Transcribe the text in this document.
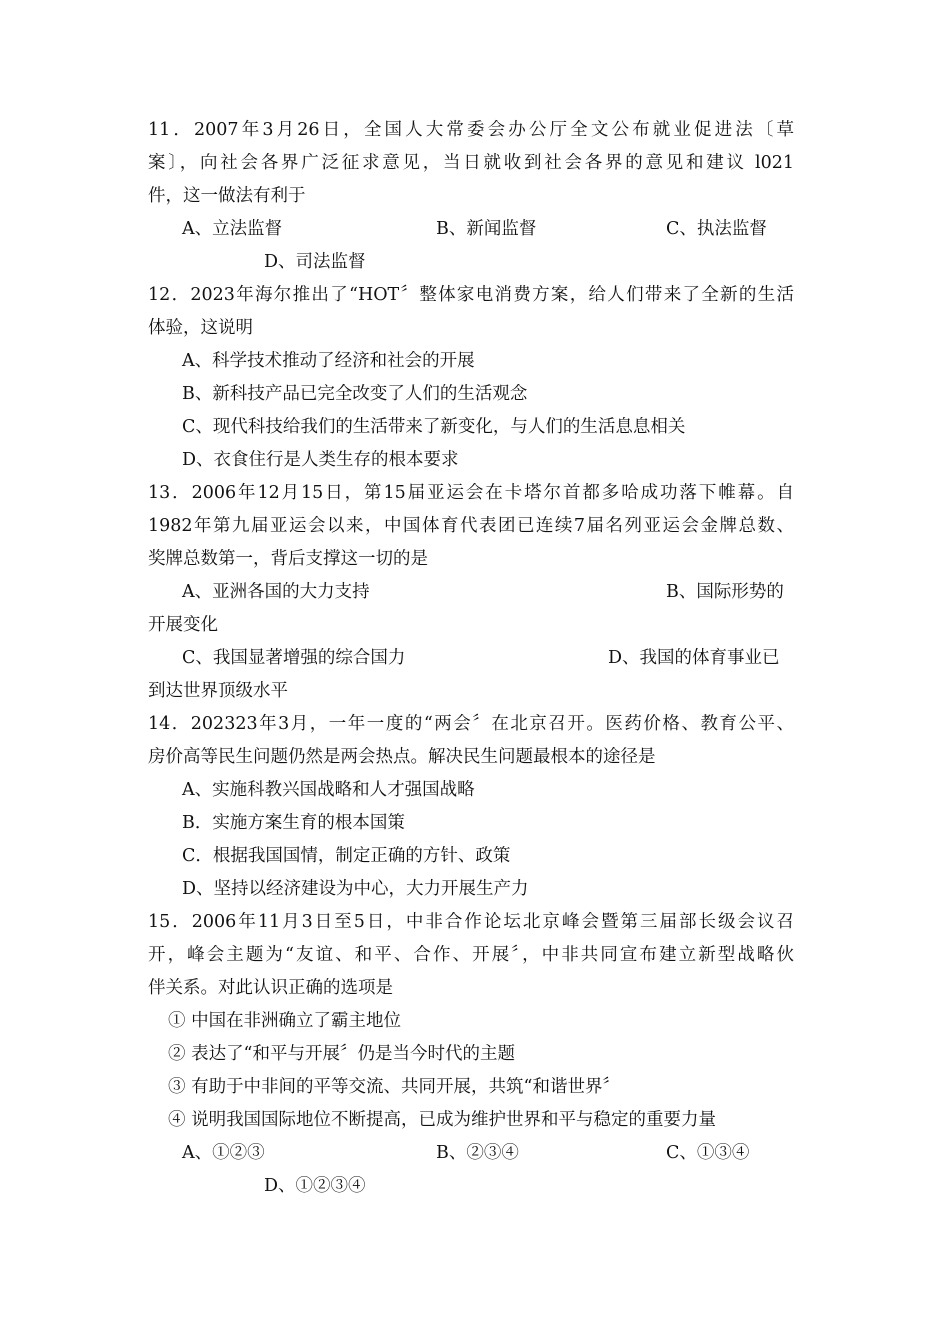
11．2007年3月26日，全国人大常委会办公厅全文公布就业促进法〔草
案〕，向社会各界广泛征求意见，当日就收到社会各界的意见和建议 l021
件，这一做法有利于
A、立法监督	B、新闻监督	C、执法监督
D、司法监督
12．2023年海尔推出了“HOT〞整体家电消费方案，给人们带来了全新的生活
体验，这说明
A、科学技术推动了经济和社会的开展
B、新科技产品已完全改变了人们的生活观念
C、现代科技给我们的生活带来了新变化，与人们的生活息息相关
D、衣食住行是人类生存的根本要求
13．2006年12月15日，第15届亚运会在卡塔尔首都多哈成功落下帷幕。自
1982年第九届亚运会以来，中国体育代表团已连续7届名列亚运会金牌总数、
奖牌总数第一，背后支撑这一切的是
A、亚洲各国的大力支持	B、国际形势的
开展变化
C、我国显著增强的综合国力	D、我国的体育事业已
到达世界顶级水平
14．202323年3月，一年一度的“两会〞在北京召开。医药价格、教育公平、
房价高等民生问题仍然是两会热点。解决民生问题最根本的途径是
A、实施科教兴国战略和人才强国战略
B．实施方案生育的根本国策
C．根据我国国情，制定正确的方针、政策
D、坚持以经济建设为中心，大力开展生产力
15．2006年11月3日至5日，中非合作论坛北京峰会暨第三届部长级会议召
开，峰会主题为“友谊、和平、合作、开展〞，中非共同宣布建立新型战略伙
伴关系。对此认识正确的选项是
① 中国在非洲确立了霸主地位
② 表达了“和平与开展〞仍是当今时代的主题
③ 有助于中非间的平等交流、共同开展，共筑“和谐世界〞
④ 说明我国国际地位不断提高，已成为维护世界和平与稳定的重要力量
A、①②③	B、②③④	C、①③④
D、①②③④
